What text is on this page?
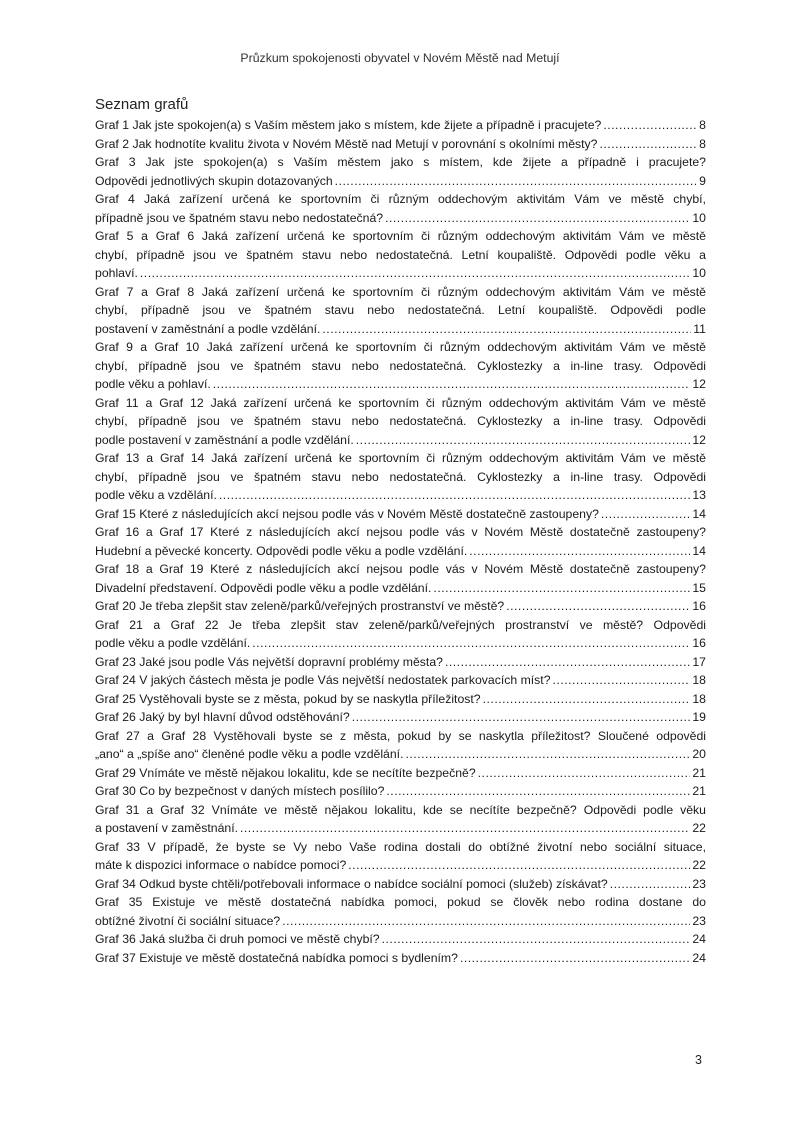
Průzkum spokojenosti obyvatel v Novém Městě nad Metují
Seznam grafů
Graf 1 Jak jste spokojen(a) s Vaším městem jako s místem, kde žijete a případně i pracujete? .....	8
Graf 2 Jak hodnotíte kvalitu života v Novém Městě nad Metují v porovnání s okolními městy? .....	8
Graf 3 Jak jste spokojen(a) s Vaším městem jako s místem, kde žijete a případně i pracujete?
Odpovědi jednotlivých skupin dotazovaných .....	9
Graf 4 Jaká zařízení určená ke sportovním či různým oddechovým aktivitám Vám ve městě chybí,
případně jsou ve špatném stavu nebo nedostatečná? .....	10
Graf 5 a Graf 6 Jaká zařízení určená ke sportovním či různým oddechovým aktivitám Vám ve městě
chybí, případně jsou ve špatném stavu nebo nedostatečná. Letní koupaliště. Odpovědi podle věku a
pohlaví. .....	10
Graf 7 a Graf 8 Jaká zařízení určená ke sportovním či různým oddechovým aktivitám Vám ve městě
chybí, případně jsou ve špatném stavu nebo nedostatečná. Letní koupaliště. Odpovědi podle
postavení v zaměstnání a podle vzdělání. .....	11
Graf 9 a Graf 10 Jaká zařízení určená ke sportovním či různým oddechovým aktivitám Vám ve městě
chybí, případně jsou ve špatném stavu nebo nedostatečná. Cyklostezky a in-line trasy. Odpovědi
podle věku a pohlaví. .....	12
Graf 11 a Graf 12 Jaká zařízení určená ke sportovním či různým oddechovým aktivitám Vám ve městě
chybí, případně jsou ve špatném stavu nebo nedostatečná. Cyklostezky a in-line trasy. Odpovědi
podle postavení v zaměstnání a podle vzdělání. .....	12
Graf 13 a Graf 14 Jaká zařízení určená ke sportovním či různým oddechovým aktivitám Vám ve městě
chybí, případně jsou ve špatném stavu nebo nedostatečná. Cyklostezky a in-line trasy. Odpovědi
podle věku a vzdělání. .....	13
Graf 15 Které z následujících akcí nejsou podle vás v Novém Městě dostatečně zastoupeny? .....	14
Graf 16 a Graf 17 Které z následujících akcí nejsou podle vás v Novém Městě dostatečně zastoupeny?
Hudební a pěvecké koncerty. Odpovědi podle věku a podle vzdělání. .....	14
Graf 18 a Graf 19 Které z následujících akcí nejsou podle vás v Novém Městě dostatečně zastoupeny?
Divadelní představení. Odpovědi podle věku a podle vzdělání. .....	15
Graf 20 Je třeba zlepšit stav zeleně/parků/veřejných prostranství ve městě? .....	16
Graf 21 a Graf 22 Je třeba zlepšit stav zeleně/parků/veřejných prostranství ve městě? Odpovědi
podle věku a podle vzdělání. .....	16
Graf 23 Jaké jsou podle Vás největší dopravní problémy města? .....	17
Graf 24 V jakých částech města je podle Vás největší nedostatek parkovacích míst? .....	18
Graf 25 Vystěhovali byste se z města, pokud by se naskytla příležitost? .....	18
Graf 26 Jaký by byl hlavní důvod odstěhování? .....	19
Graf 27 a Graf 28 Vystěhovali byste se z města, pokud by se naskytla příležitost? Sloučené odpovědi
„ano“ a „spíše ano“ členěné podle věku a podle vzdělání. .....	20
Graf 29 Vnímáte ve městě nějakou lokalitu, kde se necítíte bezpečně? .....	21
Graf 30 Co by bezpečnost v daných místech posílilo? .....	21
Graf 31 a Graf 32 Vnímáte ve městě nějakou lokalitu, kde se necítíte bezpečně? Odpovědi podle věku
a postavení v zaměstnání. .....	22
Graf 33 V případě, že byste se Vy nebo Vaše rodina dostali do obtížné životní nebo sociální situace,
máte k dispozici informace o nabídce pomoci? .....	22
Graf 34 Odkud byste chtěli/potřebovali informace o nabídce sociální pomoci (služeb) získávat? .....	23
Graf 35 Existuje ve městě dostatečná nabídka pomoci, pokud se člověk nebo rodina dostane do
obtížné životní či sociální situace? .....	23
Graf 36 Jaká služba či druh pomoci ve městě chybí? .....	24
Graf 37 Existuje ve městě dostatečná nabídka pomoci s bydlením? .....	24
3
